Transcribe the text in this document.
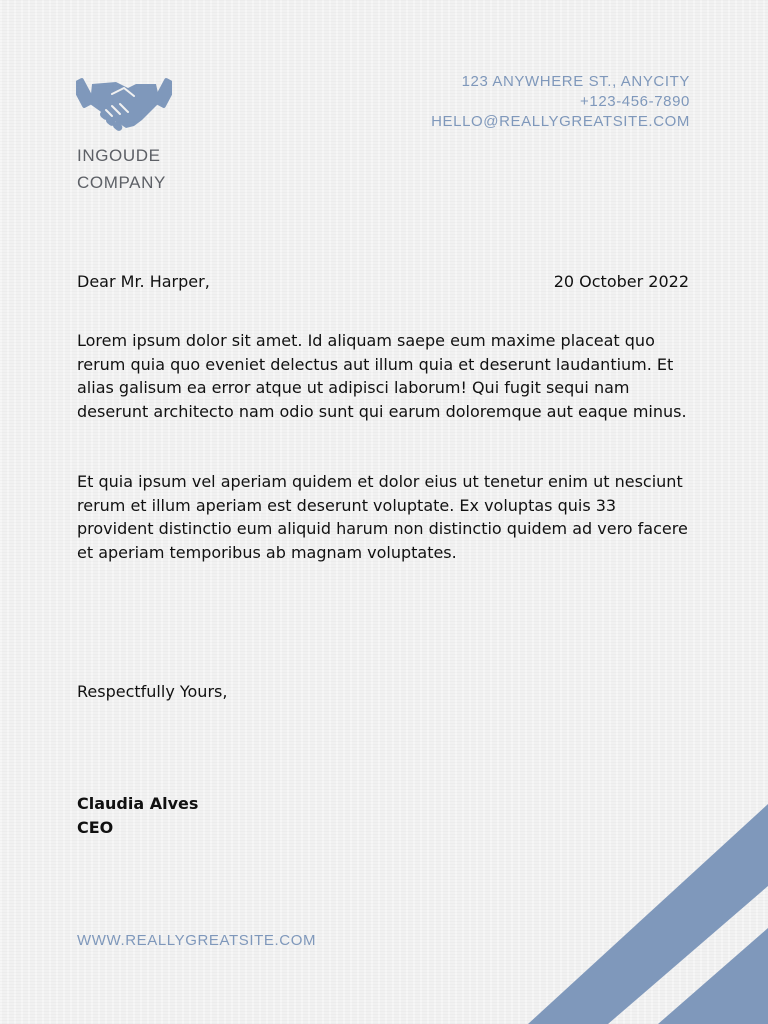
INGOUDE
COMPANY
123 ANYWHERE ST., ANYCITY
+123-456-7890
HELLO@REALLYGREATSITE.COM
Dear Mr. Harper,	20 October 2022

Lorem ipsum dolor sit amet. Id aliquam saepe eum maxime placeat quo rerum quia quo eveniet delectus aut illum quia et deserunt laudantium. Et alias galisum ea error atque ut adipisci laborum! Qui fugit sequi nam deserunt architecto nam odio sunt qui earum doloremque aut eaque minus.

Et quia ipsum vel aperiam quidem et dolor eius ut tenetur enim ut nesciunt rerum et illum aperiam est deserunt voluptate. Ex voluptas quis 33 provident distinctio eum aliquid harum non distinctio quidem ad vero facere et aperiam temporibus ab magnam voluptates.

Respectfully Yours,
Claudia Alves
CEO
WWW.REALLYGREATSITE.COM
